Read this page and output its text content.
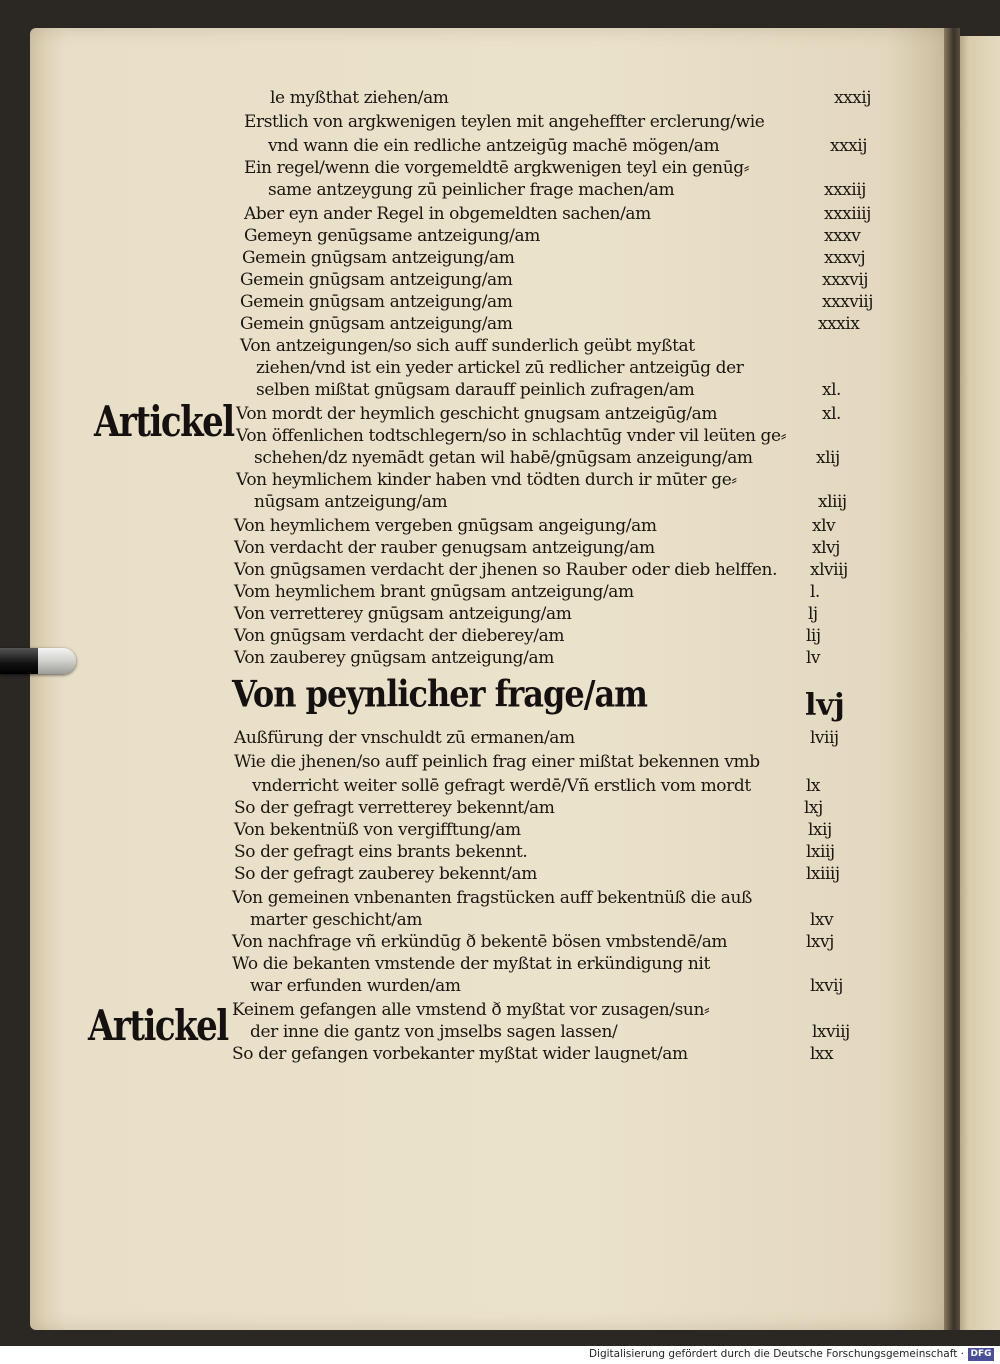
le myßthat ziehen/am	xxxij
Erstlich von argkwenigen teylen mit angeheffter erclerung/wie
vnd wann die ein redliche antzeigūg machē mögen/am	xxxij
Ein regel/wenn die vorgemeldtē argkwenigen teyl ein genūg⸗
same antzeygung zū peinlicher frage machen/am	xxxiij
Aber eyn ander Regel in obgemeldten sachen/am	xxxiiij
Gemeyn genūgsame antzeigung/am	xxxv
Gemein gnūgsam antzeigung/am	xxxvj
Gemein gnūgsam antzeigung/am	xxxvij
Gemein gnūgsam antzeigung/am	xxxviij
Gemein gnūgsam antzeigung/am	xxxix
Von antzeigungen/so sich auff sunderlich geübt myßtat
ziehen/vnd ist ein yeder artickel zū redlicher antzeigūg der
selben mißtat gnūgsam darauff peinlich zufragen/am	xl.
Von mordt der heymlich geschicht gnugsam antzeigūg/am	xl.
Von öffenlichen todtschlegern/so in schlachtūg vnder vil leüten ge⸗
schehen/dz nyemādt getan wil habē/gnūgsam anzeigung/am	xlij
Von heymlichem kinder haben vnd tödten durch ir mūter ge⸗
nūgsam antzeigung/am	xliij
Von heymlichem vergeben gnūgsam angeigung/am	xlv
Von verdacht der rauber genugsam antzeigung/am	xlvj
Von gnūgsamen verdacht der jhenen so Rauber oder dieb helffen. xlviij
Vom heymlichem brant gnūgsam antzeigung/am	l.
Von verretterey gnūgsam antzeigung/am	lj
Von gnūgsam verdacht der dieberey/am	lij
Von zauberey gnūgsam antzeigung/am	lv
Außfürung der vnschuldt zū ermanen/am	lviij
Wie die jhenen/so auff peinlich frag einer mißtat bekennen vmb
vnderricht weiter sollē gefragt werdē/Vñ erstlich vom mordt	lx
So der gefragt verretterey bekennt/am	lxj
Von bekentnüß von vergifftung/am	lxij
So der gefragt eins brants bekennt.	lxiij
So der gefragt zauberey bekennt/am	lxiiij
Von gemeinen vnbenanten fragstücken auff bekentnüß die auß
marter geschicht/am	lxv
Von nachfrage vñ erkündūg ð bekentē bösen vmbstendē/am	lxvj
Wo die bekanten vmstende der myßtat in erkündigung nit
war erfunden wurden/am	lxvij
Keinem gefangen alle vmstend ð myßtat vor zusagen/sun⸗
der inne die gantz von jmselbs sagen lassen/	lxviij
So der gefangen vorbekanter myßtat wider laugnet/am	lxx
Artickel
Artickel
Von peynlicher frage/am	lvj
Digitalisierung gefördert durch die Deutsche Forschungsgemeinschaft · DFG
